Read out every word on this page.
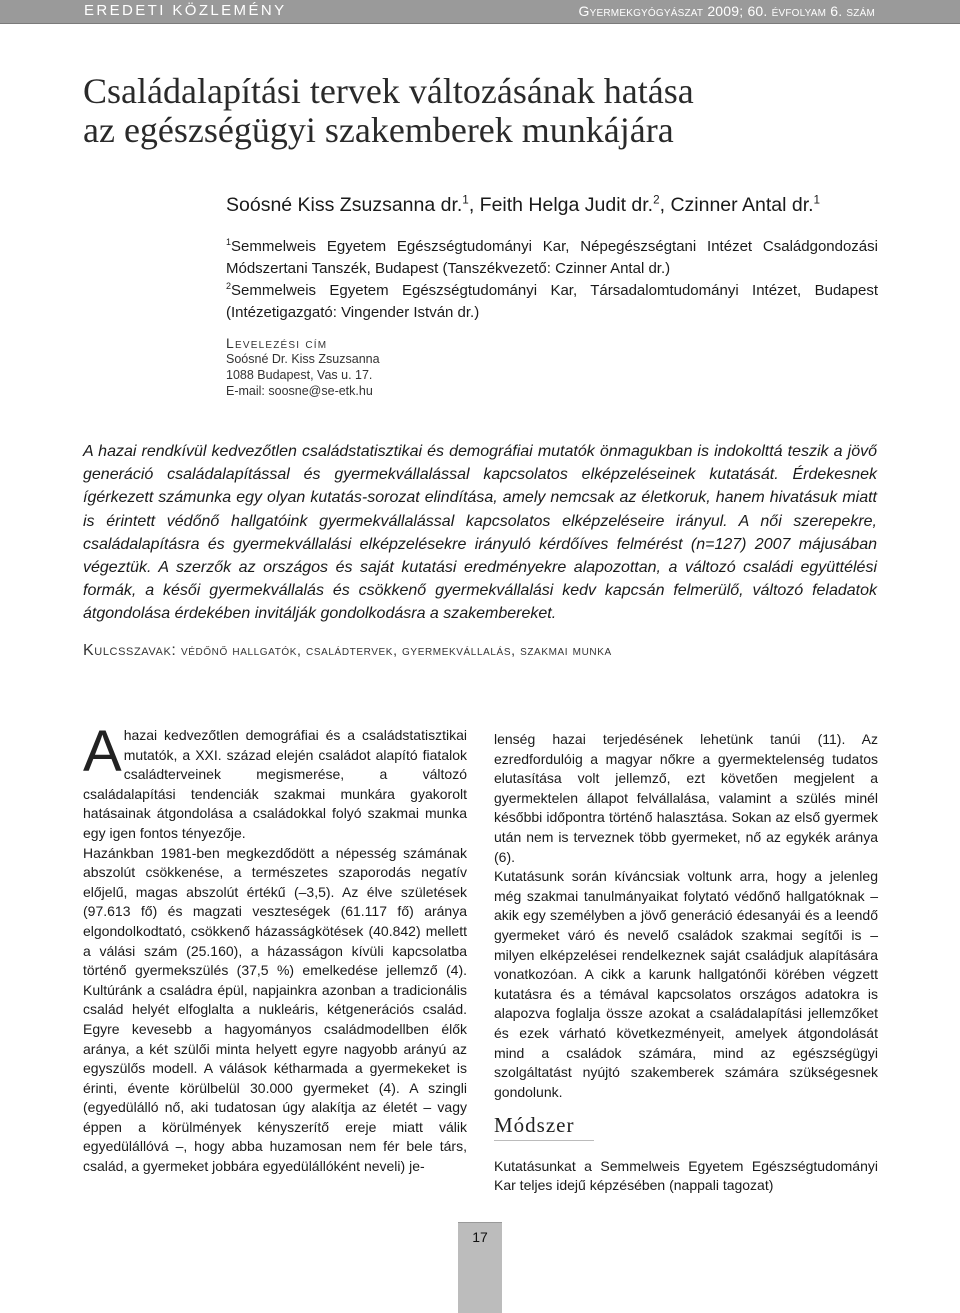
EREDETI KÖZLEMÉNY	Gyermekgyógyászat 2009; 60. évfolyam 6. szám
Családalapítási tervek változásának hatása
az egészségügyi szakemberek munkájára
Soósné Kiss Zsuzsanna dr.$^1$, Feith Helga Judit dr.$^2$, Czinner Antal dr.$^1$

$^1$Semmelweis Egyetem Egészségtudományi Kar, Népegészségtani Intézet Családgondozási Módszertani Tanszék, Budapest (Tanszékvezető: Czinner Antal dr.)

$^2$Semmelweis Egyetem Egészségtudományi Kar, Társadalomtudományi Intézet, Budapest (Intézetigazgató: Vingender István dr.)

Levelezési cím
Soósné Dr. Kiss Zsuzsanna
1088 Budapest, Vas u. 17.
E-mail: soosne@se-etk.hu

A hazai rendkívül kedvezőtlen családstatisztikai és demográfiai mutatók önmagukban is indokolttá teszik a jövő generáció családalapítással és gyermekvállalással kapcsolatos elképzeléseinek kutatását. Érdekesnek ígérkezett számunka egy olyan kutatás-sorozat elindítása, amely nemcsak az életkoruk, hanem hivatásuk miatt is érintett védőnő hallgatóink gyermekvállalással kapcsolatos elképzeléseire irányul. A női szerepekre, családalapításra és gyermekvállalási elképzelésekre irányuló kérdőíves felmérést (n=127) 2007 májusában végeztük. A szerzők az országos és saját kutatási eredményekre alapozottan, a változó családi együttélési formák, a késői gyermekvállalás és csökkenő gyermekvállalási kedv kapcsán felmerülő, változó feladatok átgondolása érdekében invitálják gondolkodásra a szakembereket.

Kulcsszavak: védőnő hallgatók, családtervek, gyermekvállalás, szakmai munka

Ahazai kedvezőtlen demográfiai és a családstatisztikai mutatók, a XXI. század elején családot alapító fiatalok családterveinek megismerése, a változó családalapítási tendenciák szakmai munkára gyakorolt hatásainak átgondolása a családokkal folyó szakmai munka egy igen fontos tényezője.

Hazánkban 1981-ben megkezdődött a népesség számának abszolút csökkenése, a természetes szaporodás negatív előjelű, magas abszolút értékű (–3,5). Az élve születések (97.613 fő) és magzati veszteségek (61.117 fő) aránya elgondolkodtató, csökkenő házasságkötések (40.842) mellett a válási szám (25.160), a házasságon kívüli kapcsolatba történő gyermekszülés (37,5 %) emelkedése jellemző (4). Kultúránk a családra épül, napjainkra azonban a tradicionális család helyét elfoglalta a nukleáris, kétgenerációs család. Egyre kevesebb a hagyományos családmodellben élők aránya, a két szülői minta helyett egyre nagyobb arányú az egyszülős modell. A válások kétharmada a gyermekeket is érinti, évente körülbelül 30.000 gyermeket (4). A szingli (egyedülálló nő, aki tudatosan úgy alakítja az életét – vagy éppen a körülmények kényszerítő ereje miatt válik egyedülállóvá –, hogy abba huzamosan nem fér bele társ, család, a gyermeket jobbára egyedülállóként neveli) je-

lenség hazai terjedésének lehetünk tanúi (11). Az ezredfordulóig a magyar nőkre a gyermektelenség tudatos elutasítása volt jellemző, ezt követően megjelent a gyermektelen állapot felvállalása, valamint a szülés minél későbbi időpontra történő halasztása. Sokan az első gyermek után nem is terveznek több gyermeket, nő az egykék aránya (6).

Kutatásunk során kíváncsiak voltunk arra, hogy a jelenleg még szakmai tanulmányaikat folytató védőnő hallgatóknak – akik egy személyben a jövő generáció édesanyái és a leendő gyermeket váró és nevelő családok szakmai segítői is – milyen elképzelései rendelkeznek saját családjuk alapítására vonatkozóan. A cikk a karunk hallgatónői körében végzett kutatásra és a témával kapcsolatos országos adatokra is alapozva foglalja össze azokat a családalapítási jellemzőket és ezek várható következményeit, amelyek átgondolását mind a családok számára, mind az egészségügyi szolgáltatást nyújtó szakemberek számára szükségesnek gondolunk.

Módszer

Kutatásunkat a Semmelweis Egyetem Egészségtudományi Kar teljes idejű képzésében (nappali tagozat)

17
